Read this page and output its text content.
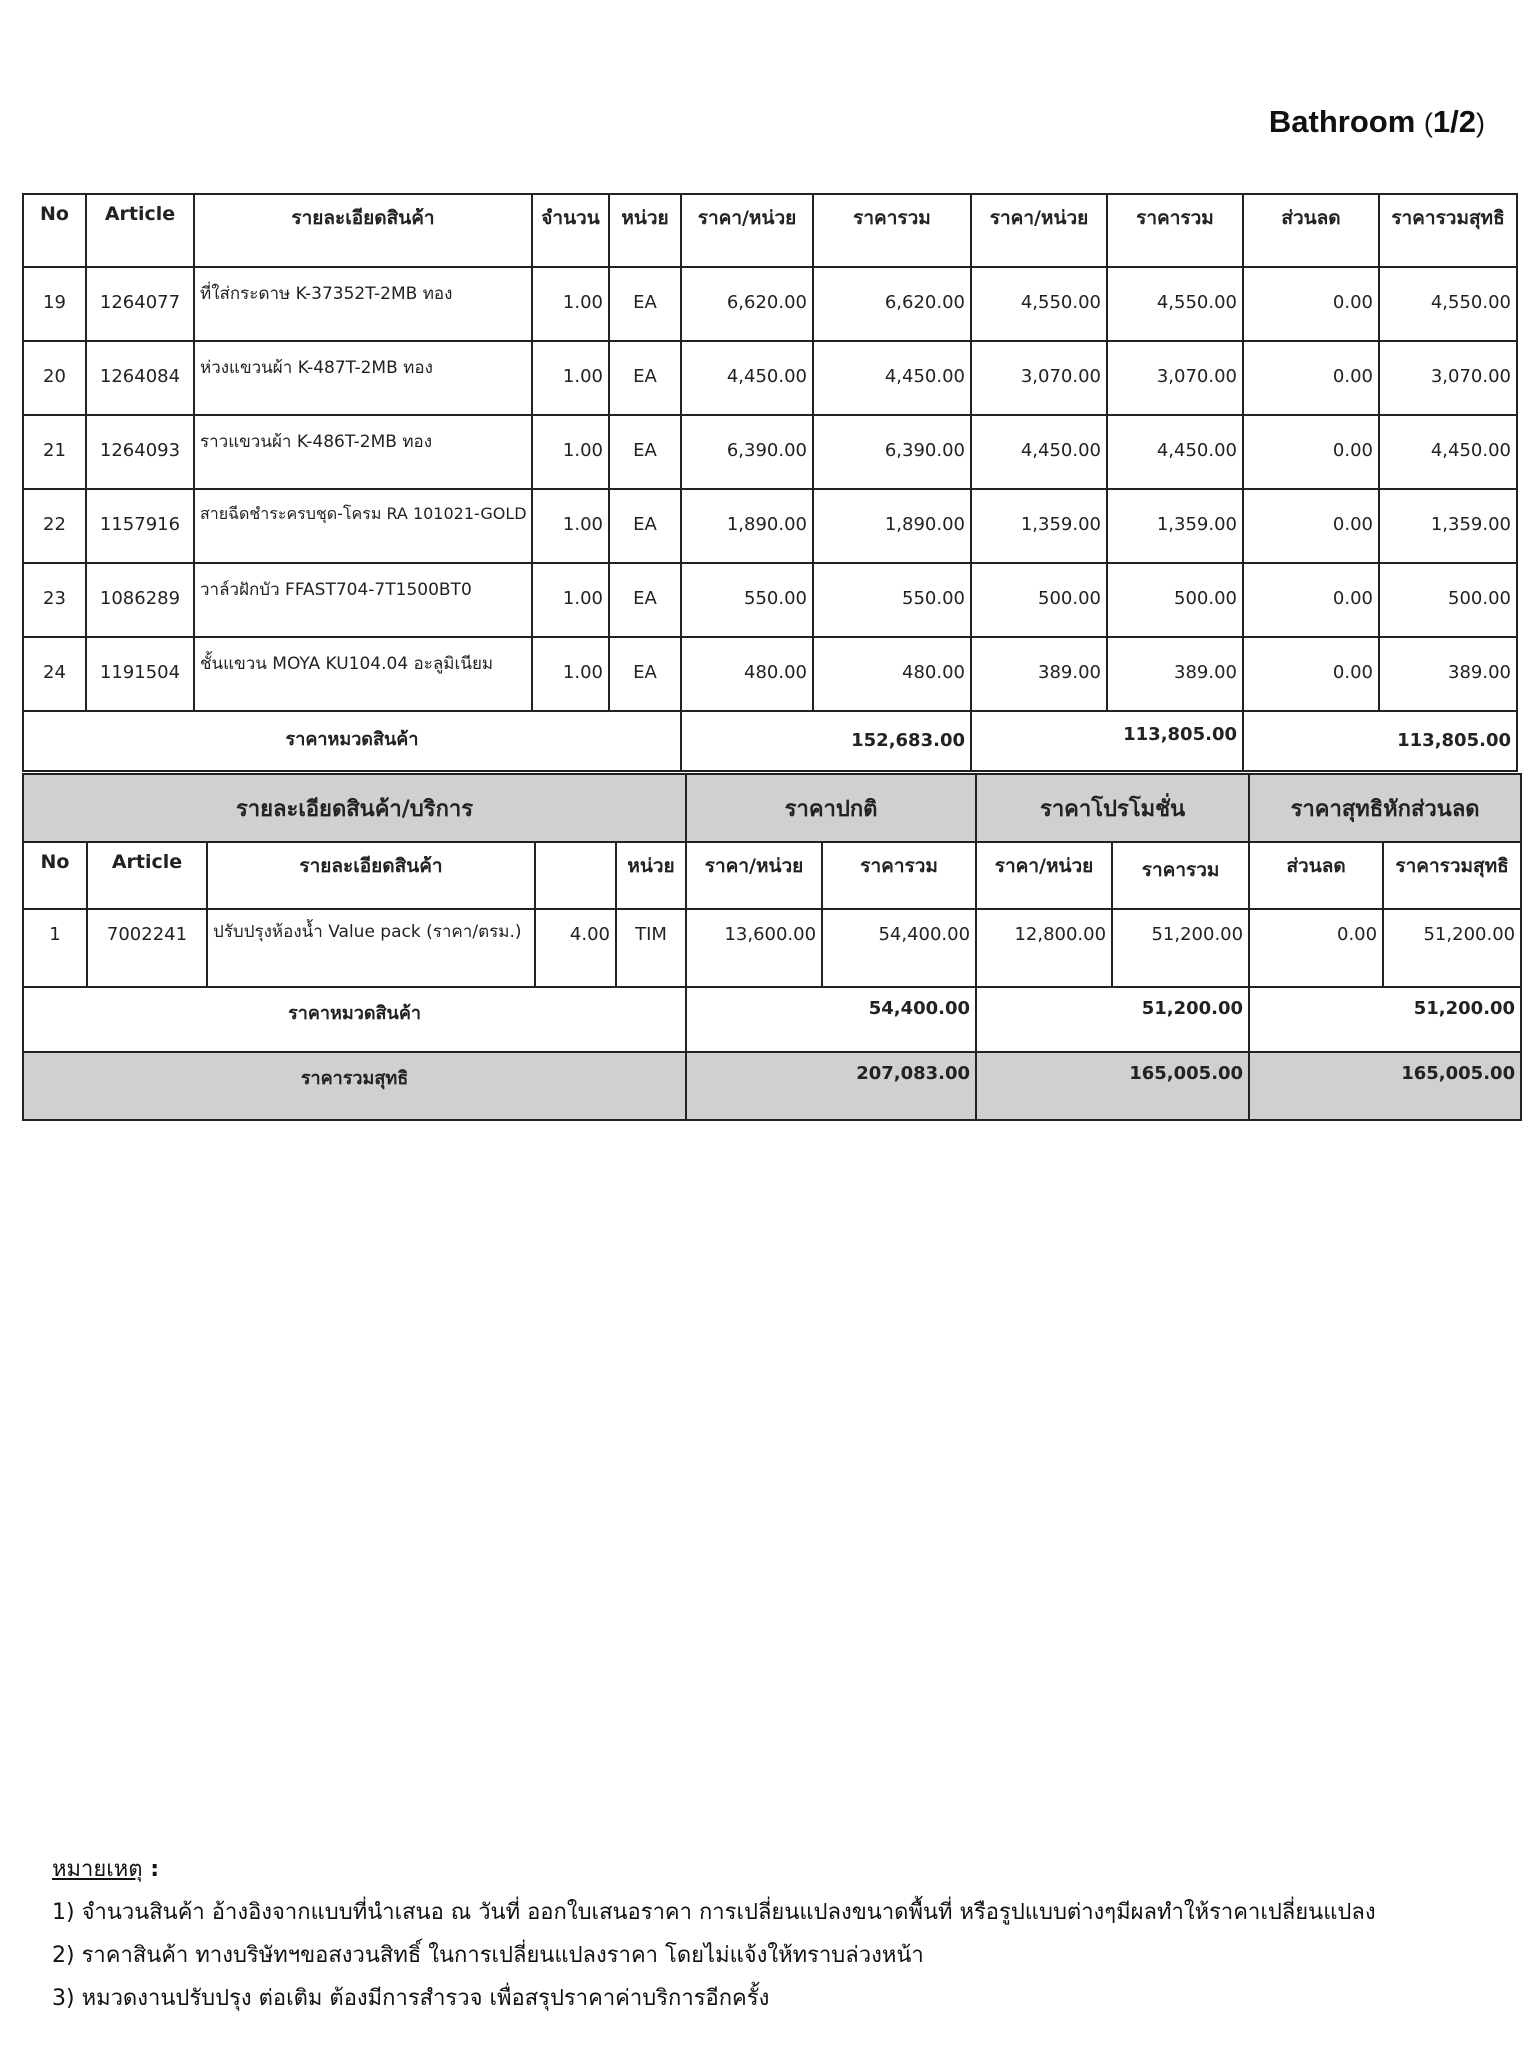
Bathroom (1/2)
No	Article	รายละเอียดสินค้า	จำนวน	หน่วย	ราคา/หน่วย	ราคารวม	ราคา/หน่วย	ราคารวม	ส่วนลด	ราคารวมสุทธิ
19	1264077	ที่ใส่กระดาษ K-37352T-2MB ทอง	1.00	EA	6,620.00	6,620.00	4,550.00	4,550.00	0.00	4,550.00
20	1264084	ห่วงแขวนผ้า K-487T-2MB ทอง	1.00	EA	4,450.00	4,450.00	3,070.00	3,070.00	0.00	3,070.00
21	1264093	ราวแขวนผ้า K-486T-2MB ทอง	1.00	EA	6,390.00	6,390.00	4,450.00	4,450.00	0.00	4,450.00
22	1157916	สายฉีดชำระครบชุด-โครม RA 101021-GOLD	1.00	EA	1,890.00	1,890.00	1,359.00	1,359.00	0.00	1,359.00
23	1086289	วาล์วฝักบัว FFAST704-7T1500BT0	1.00	EA	550.00	550.00	500.00	500.00	0.00	500.00
24	1191504	ชั้นแขวน MOYA KU104.04 อะลูมิเนียม	1.00	EA	480.00	480.00	389.00	389.00	0.00	389.00
ราคาหมวดสินค้า					152,683.00		113,805.00		113,805.00	
รายละเอียดสินค้า/บริการ					ราคาปกติ		ราคาโปรโมชั่น		ราคาสุทธิหักส่วนลด	
No	Article	รายละเอียดสินค้า		หน่วย	ราคา/หน่วย	ราคารวม	ราคา/หน่วย	ราคารวม	ส่วนลด	ราคารวมสุทธิ
1	7002241	ปรับปรุงห้องน้ำ Value pack (ราคา/ตรม.)	4.00	TIM	13,600.00	54,400.00	12,800.00	51,200.00	0.00	51,200.00
ราคาหมวดสินค้า					54,400.00		51,200.00		51,200.00	
ราคารวมสุทธิ					207,083.00		165,005.00		165,005.00	
หมายเหตุ :
1) จำนวนสินค้า อ้างอิงจากแบบที่นำเสนอ ณ วันที่ ออกใบเสนอราคา การเปลี่ยนแปลงขนาดพื้นที่ หรือรูปแบบต่างๆมีผลทำให้ราคาเปลี่ยนแปลง
2) ราคาสินค้า ทางบริษัทฯขอสงวนสิทธิ์ ในการเปลี่ยนแปลงราคา โดยไม่แจ้งให้ทราบล่วงหน้า
3) หมวดงานปรับปรุง ต่อเติม ต้องมีการสำรวจ เพื่อสรุปราคาค่าบริการอีกครั้ง
